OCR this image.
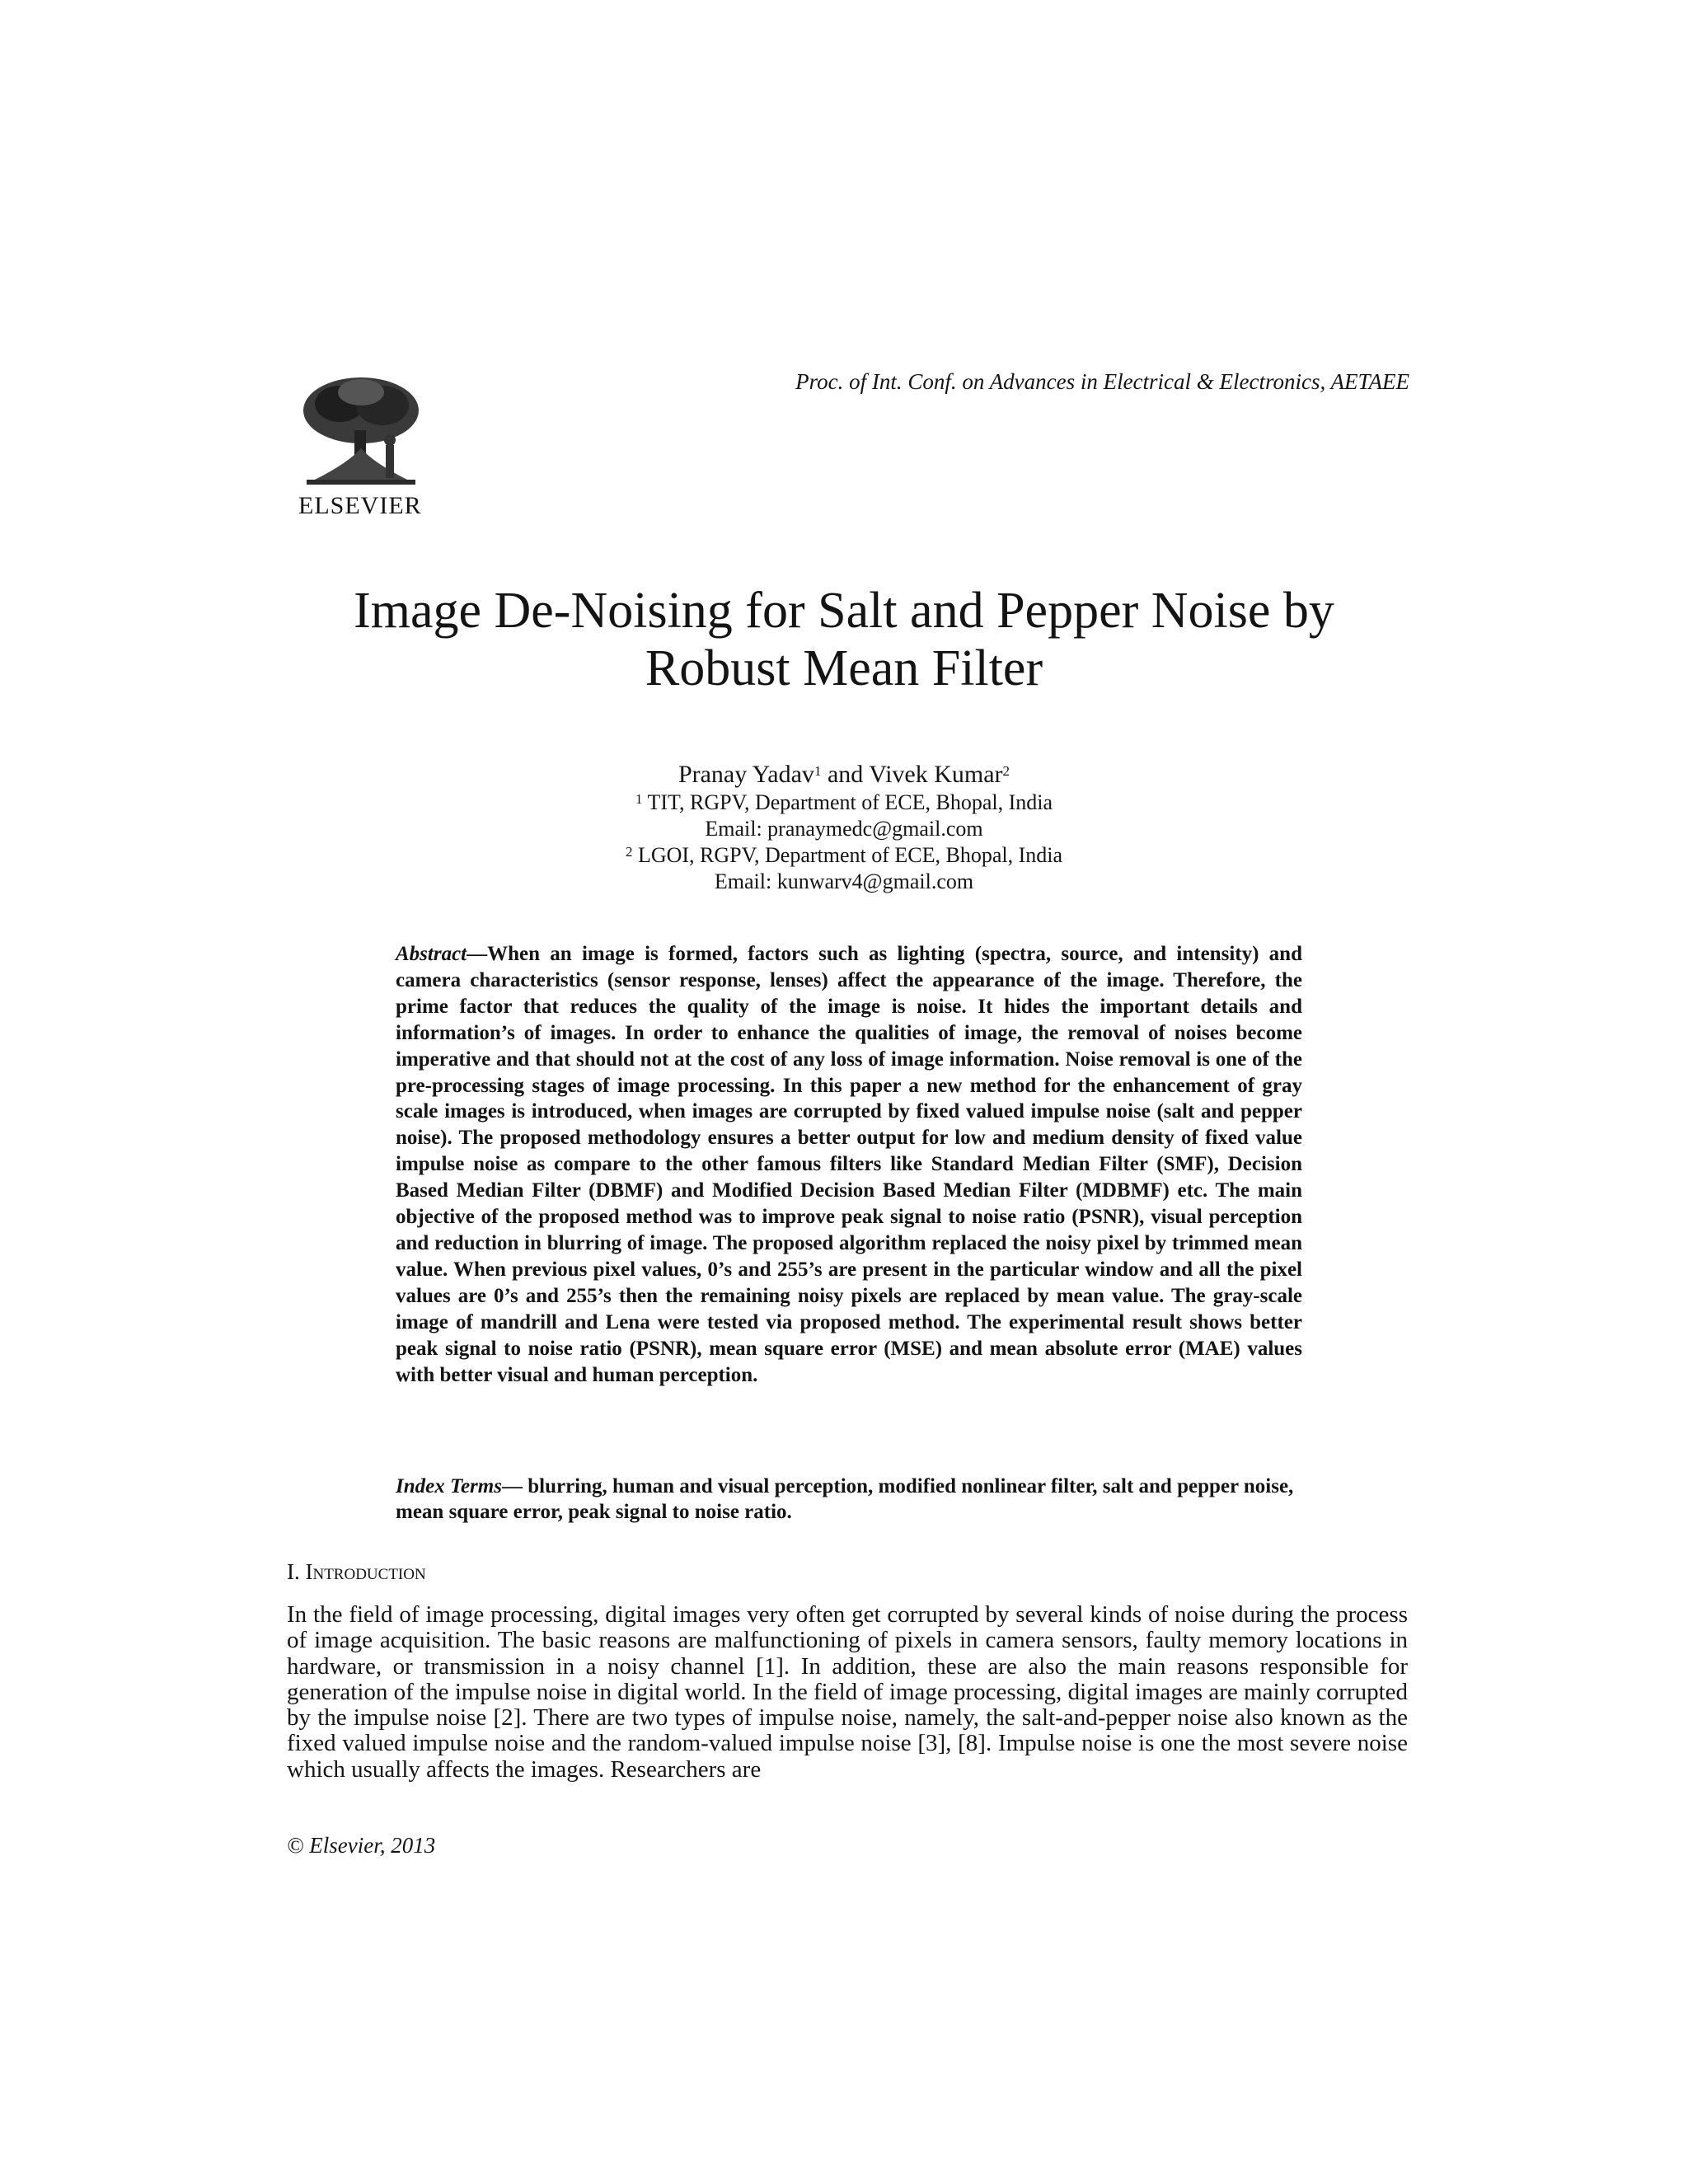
ELSEVIER
Proc. of Int. Conf. on Advances in Electrical & Electronics, AETAEE
Image De-Noising for Salt and Pepper Noise by
Robust Mean Filter
Pranay Yadav$^1$ and Vivek Kumar$^2$
$^1$ TIT, RGPV, Department of ECE, Bhopal, India
Email: pranaymedc@gmail.com
$^2$ LGOI, RGPV, Department of ECE, Bhopal, India
Email: kunwarv4@gmail.com
Abstract—When an image is formed, factors such as lighting (spectra, source, and intensity) and camera characteristics (sensor response, lenses) affect the appearance of the image. Therefore, the prime factor that reduces the quality of the image is noise. It hides the important details and information’s of images. In order to enhance the qualities of image, the removal of noises become imperative and that should not at the cost of any loss of image information. Noise removal is one of the pre-processing stages of image processing. In this paper a new method for the enhancement of gray scale images is introduced, when images are corrupted by fixed valued impulse noise (salt and pepper noise). The proposed methodology ensures a better output for low and medium density of fixed value impulse noise as compare to the other famous filters like Standard Median Filter (SMF), Decision Based Median Filter (DBMF) and Modified Decision Based Median Filter (MDBMF) etc. The main objective of the proposed method was to improve peak signal to noise ratio (PSNR), visual perception and reduction in blurring of image. The proposed algorithm replaced the noisy pixel by trimmed mean value. When previous pixel values, 0’s and 255’s are present in the particular window and all the pixel values are 0’s and 255’s then the remaining noisy pixels are replaced by mean value. The gray-scale image of mandrill and Lena were tested via proposed method. The experimental result shows better peak signal to noise ratio (PSNR), mean square error (MSE) and mean absolute error (MAE) values with better visual and human perception.
Index Terms— blurring, human and visual perception, modified nonlinear filter, salt and pepper noise, mean square error, peak signal to noise ratio.
I. Introduction
In the field of image processing, digital images very often get corrupted by several kinds of noise during the process of image acquisition. The basic reasons are malfunctioning of pixels in camera sensors, faulty memory locations in hardware, or transmission in a noisy channel [1]. In addition, these are also the main reasons responsible for generation of the impulse noise in digital world. In the field of image processing, digital images are mainly corrupted by the impulse noise [2]. There are two types of impulse noise, namely, the salt-and-pepper noise also known as the fixed valued impulse noise and the random-valued impulse noise [3], [8]. Impulse noise is one the most severe noise which usually affects the images. Researchers are
© Elsevier, 2013
